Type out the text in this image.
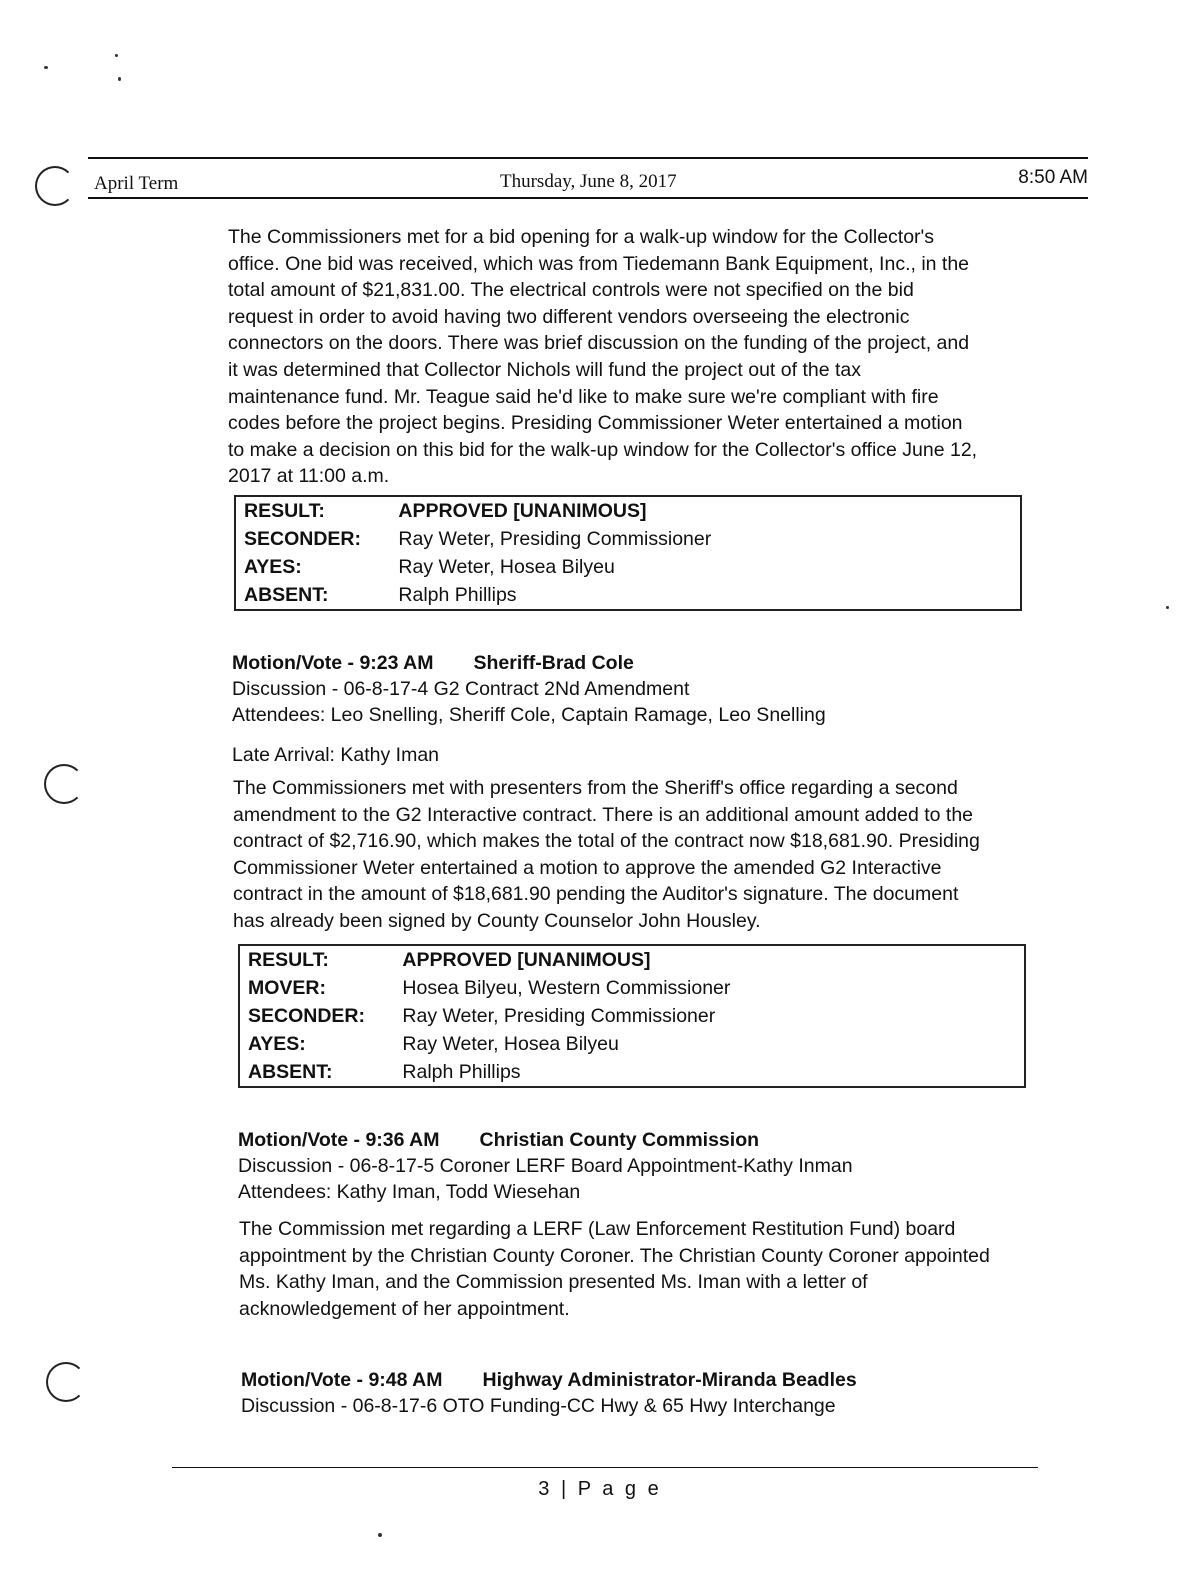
April Term	Thursday, June 8, 2017	8:50 AM

The Commissioners met for a bid opening for a walk-up window for the Collector's
office. One bid was received, which was from Tiedemann Bank Equipment, Inc., in the
total amount of $21,831.00. The electrical controls were not specified on the bid
request in order to avoid having two different vendors overseeing the electronic
connectors on the doors. There was brief discussion on the funding of the project, and
it was determined that Collector Nichols will fund the project out of the tax
maintenance fund. Mr. Teague said he'd like to make sure we're compliant with fire
codes before the project begins. Presiding Commissioner Weter entertained a motion
to make a decision on this bid for the walk-up window for the Collector's office June 12,
2017 at 11:00 a.m.

RESULT:	APPROVED [UNANIMOUS]
SECONDER:	Ray Weter, Presiding Commissioner
AYES:	Ray Weter, Hosea Bilyeu
ABSENT:	Ralph Phillips
Motion/Vote - 9:23 AM Sheriff-Brad Cole
Discussion - 06-8-17-4 G2 Contract 2Nd Amendment
Attendees: Leo Snelling, Sheriff Cole, Captain Ramage, Leo Snelling
Late Arrival: Kathy Iman

The Commissioners met with presenters from the Sheriff's office regarding a second
amendment to the G2 Interactive contract. There is an additional amount added to the
contract of $2,716.90, which makes the total of the contract now $18,681.90. Presiding
Commissioner Weter entertained a motion to approve the amended G2 Interactive
contract in the amount of $18,681.90 pending the Auditor's signature. The document
has already been signed by County Counselor John Housley.

RESULT:	APPROVED [UNANIMOUS]
MOVER:	Hosea Bilyeu, Western Commissioner
SECONDER:	Ray Weter, Presiding Commissioner
AYES:	Ray Weter, Hosea Bilyeu
ABSENT:	Ralph Phillips
Motion/Vote - 9:36 AM Christian County Commission
Discussion - 06-8-17-5 Coroner LERF Board Appointment-Kathy Inman
Attendees: Kathy Iman, Todd Wiesehan

The Commission met regarding a LERF (Law Enforcement Restitution Fund) board
appointment by the Christian County Coroner. The Christian County Coroner appointed
Ms. Kathy Iman, and the Commission presented Ms. Iman with a letter of
acknowledgement of her appointment.

Motion/Vote - 9:48 AM Highway Administrator-Miranda Beadles
Discussion - 06-8-17-6 OTO Funding-CC Hwy & 65 Hwy Interchange
3 | P a g e
